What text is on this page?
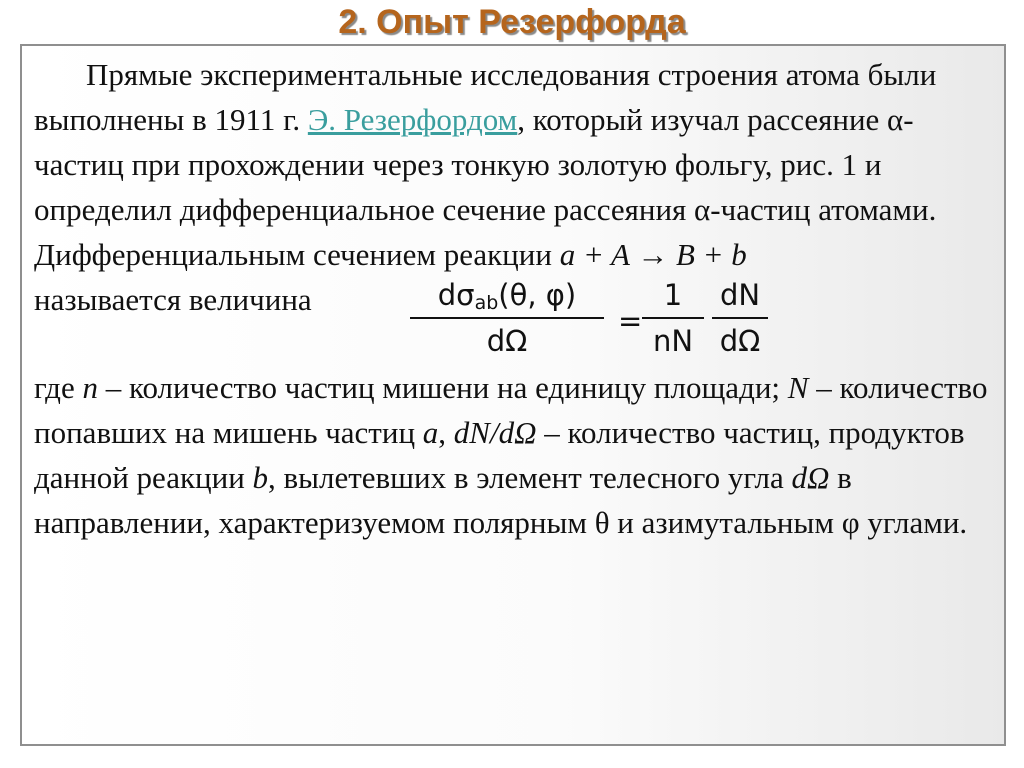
2. Опыт Резерфорда

Прямые экспериментальные исследования строения атома были выполнены в 1911 г. Э. Резерфордом, который изучал рассеяние α-частиц при прохождении через тонкую золотую фольгу, рис. 1 и определил дифференциальное сечение рассеяния α-частиц атомами.

Дифференциальным сечением реакции a + A → B + b

называется величина	$d\sigma_{ab}(\theta$, φ)
dΩ
=
1
nN
dN
dΩ

где n – количество частиц мишени на единицу площади; N – количество попавших на мишень частиц a, dN/dΩ – количество частиц, продуктов данной реакции b, вылетевших в элемент телесного угла dΩ в направлении, характеризуемом полярным θ и азимутальным φ углами.
